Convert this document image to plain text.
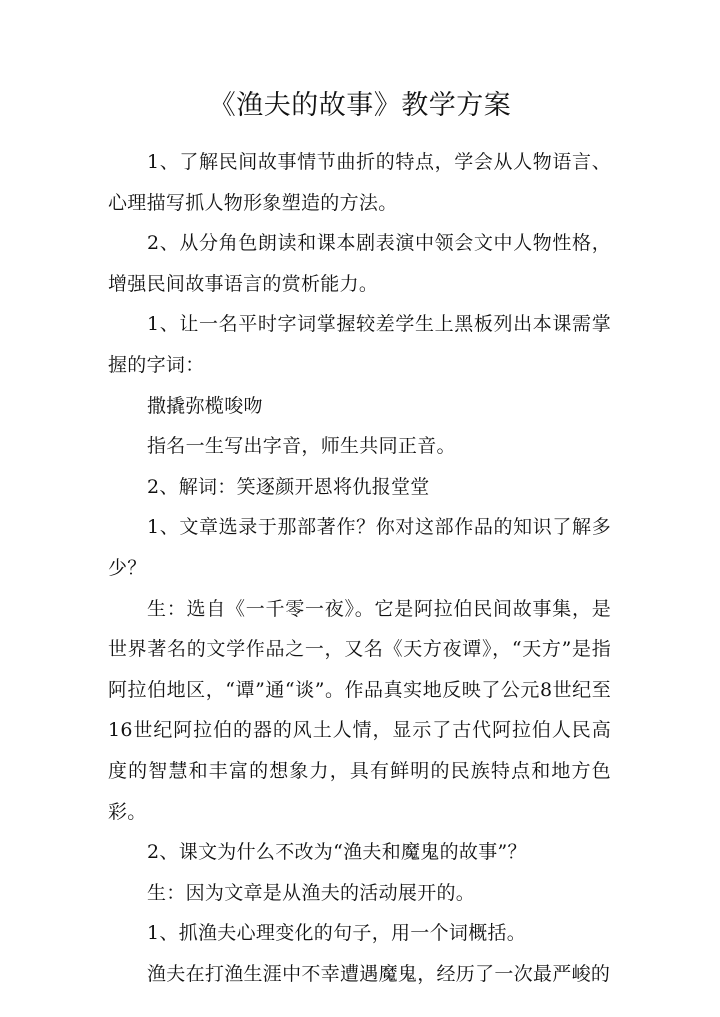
《渔夫的故事》教学方案

1、了解民间故事情节曲折的特点，学会从人物语言、心理描写抓人物形象塑造的方法。

2、从分角色朗读和课本剧表演中领会文中人物性格，增强民间故事语言的赏析能力。

1、让一名平时字词掌握较差学生上黑板列出本课需掌握的字词：

撒撬弥榄唆吻

指名一生写出字音，师生共同正音。

2、解词：笑逐颜开恩将仇报堂堂

1、文章选录于那部著作？你对这部作品的知识了解多少？

生：选自《一千零一夜》。它是阿拉伯民间故事集，是世界著名的文学作品之一，又名《天方夜谭》，“天方”是指阿拉伯地区，“谭”通“谈”。作品真实地反映了公元8世纪至16世纪阿拉伯的器的风土人情，显示了古代阿拉伯人民高度的智慧和丰富的想象力，具有鲜明的民族特点和地方色彩。

2、课文为什么不改为“渔夫和魔鬼的故事”？

生：因为文章是从渔夫的活动展开的。

1、抓渔夫心理变化的句子，用一个词概括。

渔夫在打渔生涯中不幸遭遇魔鬼，经历了一次最严峻的
